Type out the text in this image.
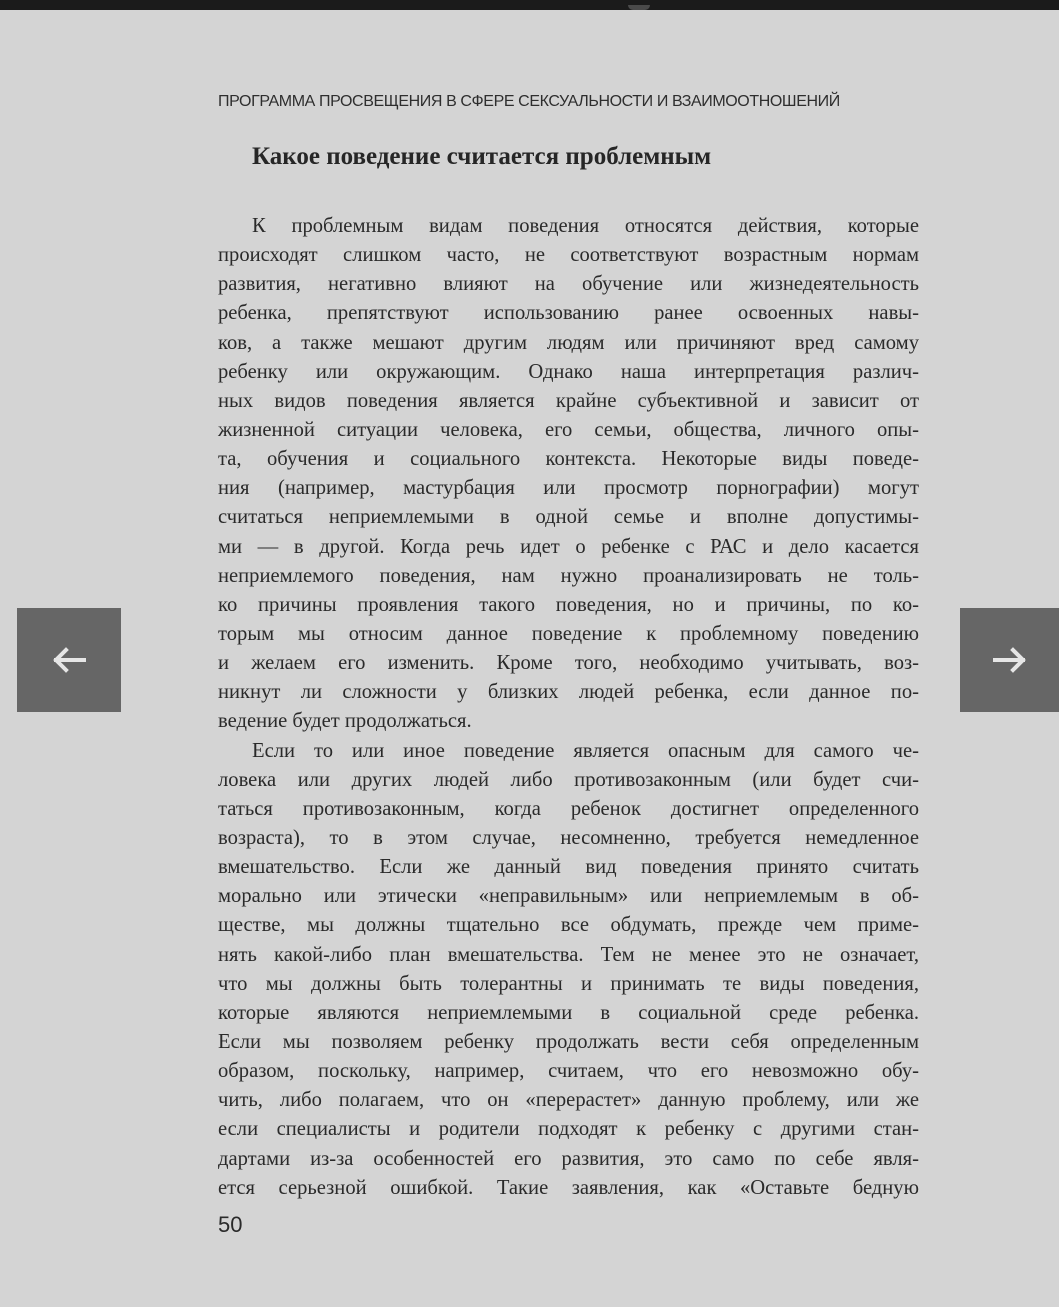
ПРОГРАММА ПРОСВЕЩЕНИЯ В СФЕРЕ СЕКСУАЛЬНОСТИ И ВЗАИМООТНОШЕНИЙ
Какое поведение считается проблемным
К проблемным видам поведения относятся действия, которые
происходят слишком часто, не соответствуют возрастным нормам
развития, негативно влияют на обучение или жизнедеятельность
ребенка, препятствуют использованию ранее освоенных навы-
ков, а также мешают другим людям или причиняют вред самому
ребенку или окружающим. Однако наша интерпретация различ-
ных видов поведения является крайне субъективной и зависит от
жизненной ситуации человека, его семьи, общества, личного опы-
та, обучения и социального контекста. Некоторые виды поведе-
ния (например, мастурбация или просмотр порнографии) могут
считаться неприемлемыми в одной семье и вполне допустимы-
ми — в другой. Когда речь идет о ребенке с РАС и дело касается
неприемлемого поведения, нам нужно проанализировать не толь-
ко причины проявления такого поведения, но и причины, по ко-
торым мы относим данное поведение к проблемному поведению
и желаем его изменить. Кроме того, необходимо учитывать, воз-
никнут ли сложности у близких людей ребенка, если данное по-
ведение будет продолжаться.
Если то или иное поведение является опасным для самого че-
ловека или других людей либо противозаконным (или будет счи-
таться противозаконным, когда ребенок достигнет определенного
возраста), то в этом случае, несомненно, требуется немедленное
вмешательство. Если же данный вид поведения принято считать
морально или этически «неправильным» или неприемлемым в об-
ществе, мы должны тщательно все обдумать, прежде чем приме-
нять какой-либо план вмешательства. Тем не менее это не означает,
что мы должны быть толерантны и принимать те виды поведения,
которые являются неприемлемыми в социальной среде ребенка.
Если мы позволяем ребенку продолжать вести себя определенным
образом, поскольку, например, считаем, что его невозможно обу-
чить, либо полагаем, что он «перерастет» данную проблему, или же
если специалисты и родители подходят к ребенку с другими стан-
дартами из-за особенностей его развития, это само по себе явля-
ется серьезной ошибкой. Такие заявления, как «Оставьте бедную
50
